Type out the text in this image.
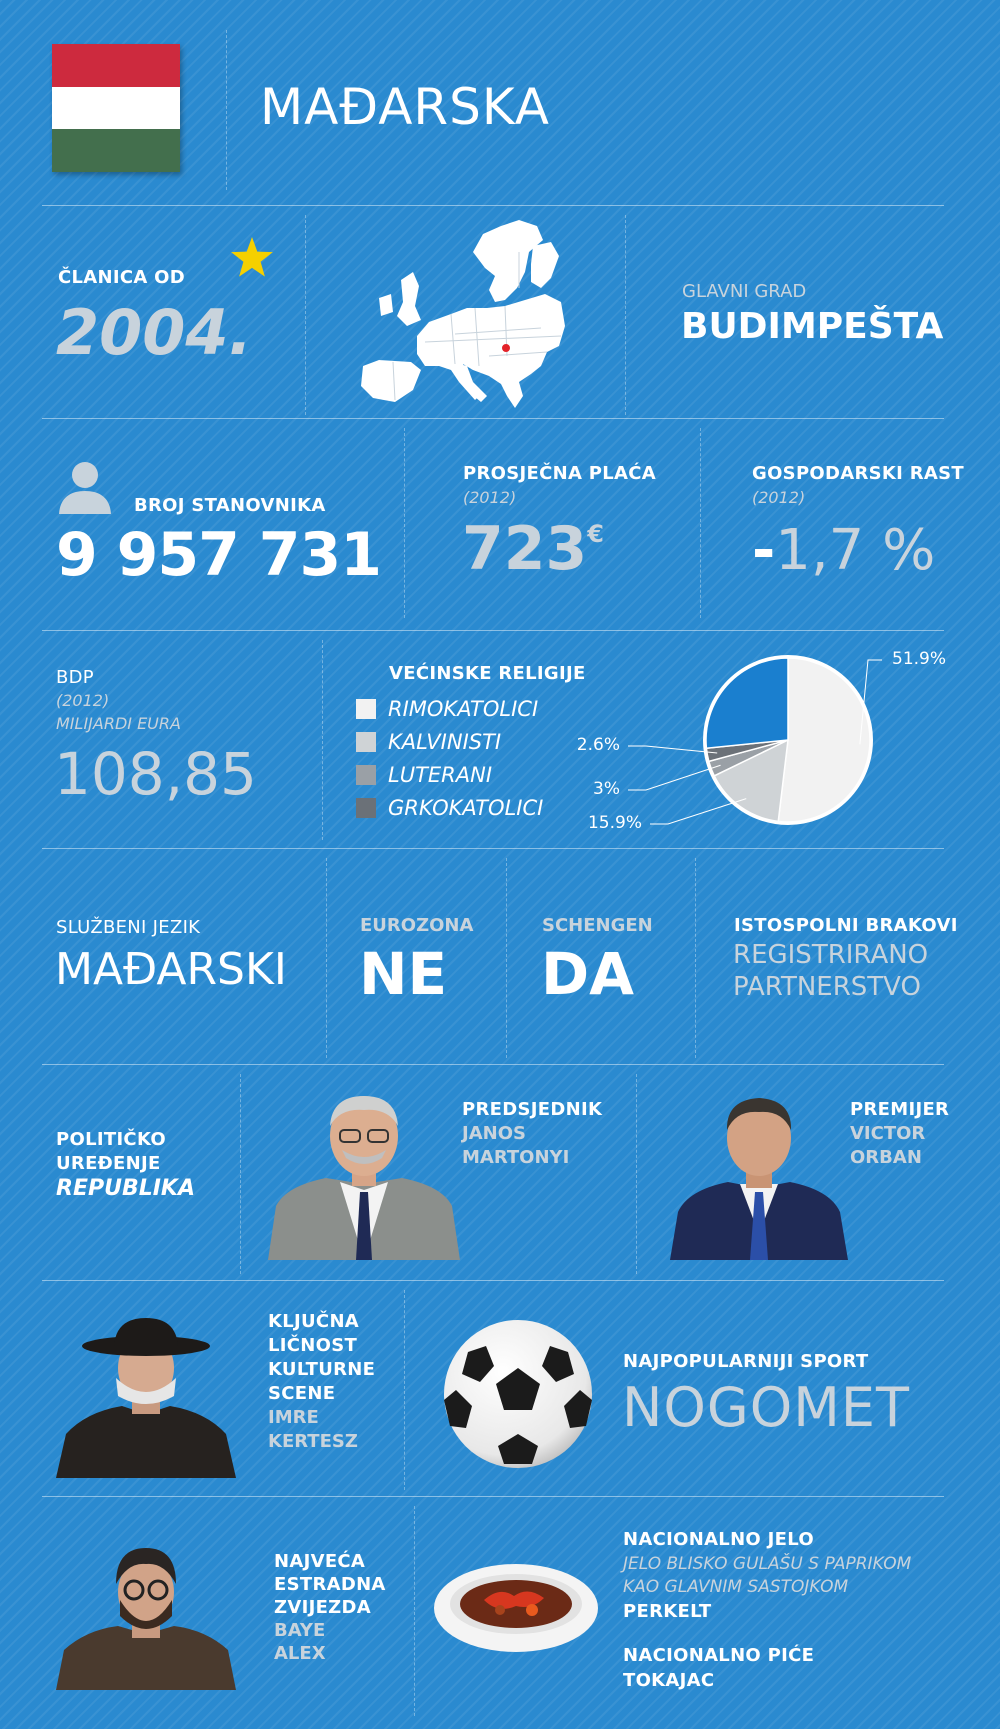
MAĐARSKA
ČLANICA OD
2004.
GLAVNI GRAD
BUDIMPEŠTA
BROJ STANOVNIKA
9 957 731
PROSJEČNA PLAĆA
(2012)
723€
GOSPODARSKI RAST
(2012)
-1,7 %
BDP
(2012)
MILIJARDI EURA
108,85
VEĆINSKE RELIGIJE
RIMOKATOLICI
KALVINISTI
LUTERANI
GRKOKATOLICI
51.9%
15.9%
3%
2.6%
SLUŽBENI JEZIK
MAĐARSKI
EUROZONA
NE
SCHENGEN
DA
ISTOSPOLNI BRAKOVI
REGISTRIRANO
PARTNERSTVO
POLITIČKO
UREĐENJE
REPUBLIKA
PREDSJEDNIK
JANOS
MARTONYI
PREMIJER
VICTOR
ORBAN
KLJUČNA
LIČNOST
KULTURNE
SCENE
IMRE
KERTESZ
NAJPOPULARNIJI SPORT
NOGOMET
NAJVEĆA
ESTRADNA
ZVIJEZDA
BAYE
ALEX
NACIONALNO JELO
JELO BLISKO GULAŠU S PAPRIKOM
KAO GLAVNIM SASTOJKOM
PERKELT
NACIONALNO PIĆE
TOKAJAC
